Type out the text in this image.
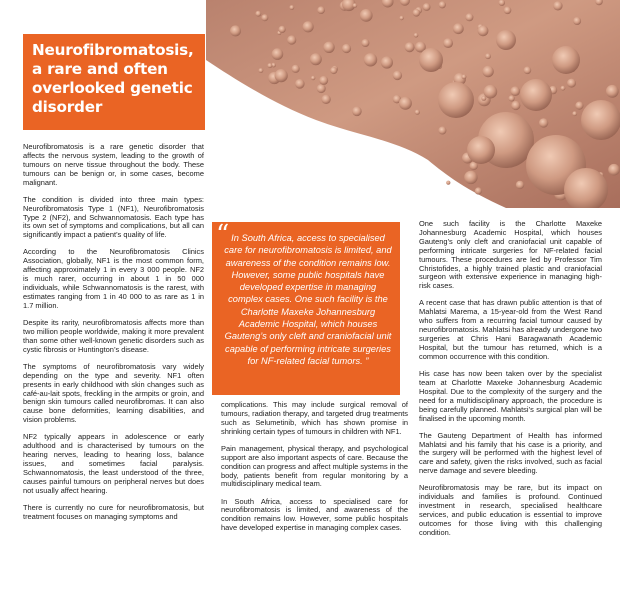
Neurofibromatosis, a rare and often overlooked genetic disorder
“ In South Africa, access to specialised care for neurofibromatosis is limited, and awareness of the condition remains low. However, some public hospitals have developed expertise in managing complex cases. One such facility is the Charlotte Maxeke Johannesburg Academic Hospital, which houses Gauteng’s only cleft and craniofacial unit capable of performing intricate surgeries for NF-related facial tumors. ”

Neurofibromatosis is a rare genetic disorder that affects the nervous system, leading to the growth of tumours on nerve tissue throughout the body. These tumours can be benign or, in some cases, become malignant.

The condition is divided into three main types: Neurofibromatosis Type 1 (NF1), Neurofibromatosis Type 2 (NF2), and Schwannomatosis. Each type has its own set of symptoms and complications, but all can significantly impact a patient’s quality of life.

According to the Neurofibromatosis Clinics Association, globally, NF1 is the most common form, affecting approximately 1 in every 3 000 people. NF2 is much rarer, occurring in about 1 in 50 000 individuals, while Schwannomatosis is the rarest, with estimates ranging from 1 in 40 000 to as rare as 1 in 1.7 million.

Despite its rarity, neurofibromatosis affects more than two million people worldwide, making it more prevalent than some other well-known genetic disorders such as cystic fibrosis or Huntington’s disease.

The symptoms of neurofibromatosis vary widely depending on the type and severity. NF1 often presents in early childhood with skin changes such as café-au-lait spots, freckling in the armpits or groin, and benign skin tumours called neurofibromas. It can also cause bone deformities, learning disabilities, and vision problems.

NF2 typically appears in adolescence or early adulthood and is characterised by tumours on the hearing nerves, leading to hearing loss, balance issues, and sometimes facial paralysis. Schwannomatosis, the least understood of the three, causes painful tumours on peripheral nerves but does not usually affect hearing.

There is currently no cure for neurofibromatosis, but treatment focuses on managing symptoms and

complications. This may include surgical removal of tumours, radiation therapy, and targeted drug treatments such as Selumetinib, which has shown promise in shrinking certain types of tumours in children with NF1.

Pain management, physical therapy, and psychological support are also important aspects of care. Because the condition can progress and affect multiple systems in the body, patients benefit from regular monitoring by a multidisciplinary medical team.

In South Africa, access to specialised care for neurofibromatosis is limited, and awareness of the condition remains low. However, some public hospitals have developed expertise in managing complex cases.

One such facility is the Charlotte Maxeke Johannesburg Academic Hospital, which houses Gauteng’s only cleft and craniofacial unit capable of performing intricate surgeries for NF-related facial tumours. These procedures are led by Professor Tim Christofides, a highly trained plastic and craniofacial surgeon with extensive experience in managing high-risk cases.

A recent case that has drawn public attention is that of Mahlatsi Marema, a 15-year-old from the West Rand who suffers from a recurring facial tumour caused by neurofibromatosis. Mahlatsi has already undergone two surgeries at Chris Hani Baragwanath Academic Hospital, but the tumour has returned, which is a common occurrence with this condition.

His case has now been taken over by the specialist team at Charlotte Maxeke Johannesburg Academic Hospital. Due to the complexity of the surgery and the need for a multidisciplinary approach, the procedure is being carefully planned. Mahlatsi’s surgical plan will be finalised in the upcoming month.

The Gauteng Department of Health has informed Mahlatsi and his family that his case is a priority, and the surgery will be performed with the highest level of care and safety, given the risks involved, such as facial nerve damage and severe bleeding.

Neurofibromatosis may be rare, but its impact on individuals and families is profound. Continued investment in research, specialised healthcare services, and public education is essential to improve outcomes for those living with this challenging condition.
